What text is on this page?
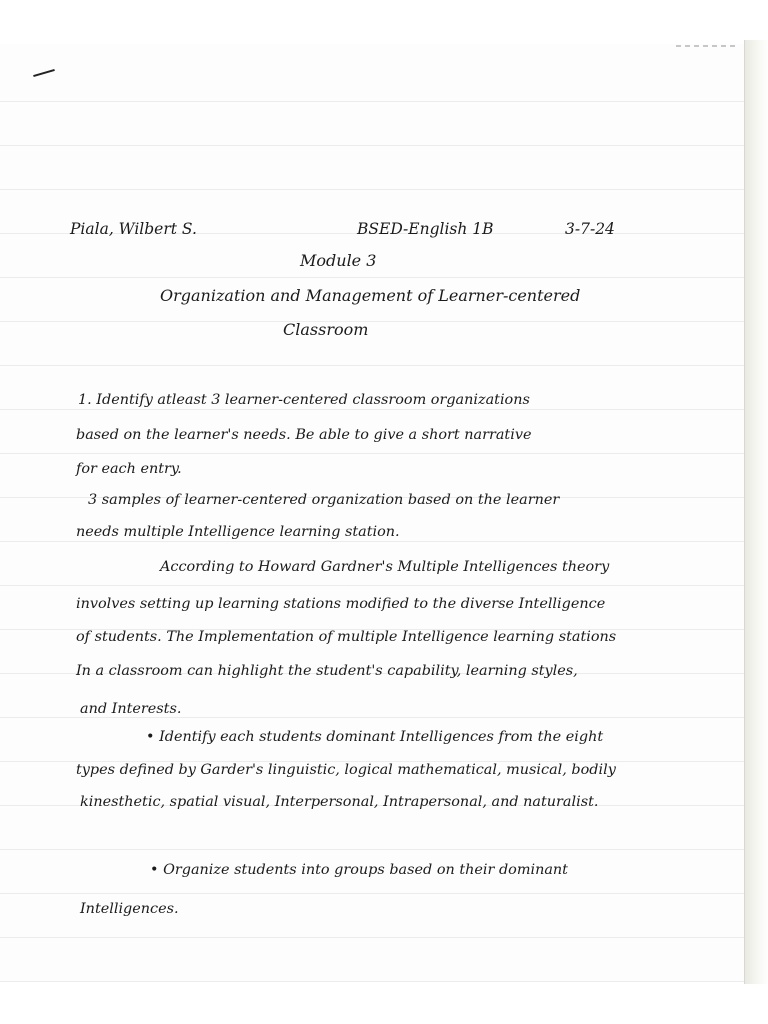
Piala, Wilbert S.	BSED-English 1B	3-7-24
Module 3
Organization and Management of Learner-centered
Classroom
1. Identify atleast 3 learner-centered classroom organizations
based on the learner's needs. Be able to give a short narrative
for each entry.
3 samples of learner-centered organization based on the learner
needs multiple Intelligence learning station.
According to Howard Gardner's Multiple Intelligences theory
involves setting up learning stations modified to the diverse Intelligence
of students. The Implementation of multiple Intelligence learning stations
In a classroom can highlight the student's capability, learning styles,
and Interests.
• Identify each students dominant Intelligences from the eight
types defined by Garder's linguistic, logical mathematical, musical, bodily
kinesthetic, spatial visual, Interpersonal, Intrapersonal, and naturalist.
• Organize students into groups based on their dominant
Intelligences.
